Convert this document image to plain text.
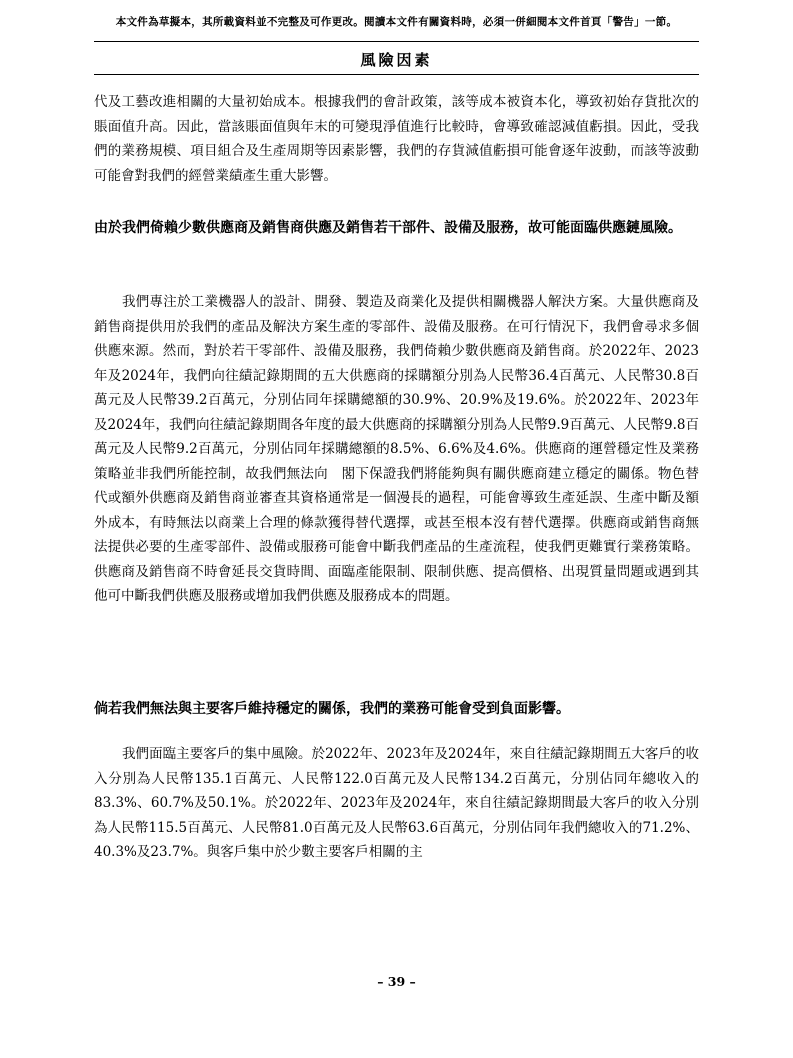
本文件為草擬本，其所載資料並不完整及可作更改。閱讀本文件有關資料時，必須一併細閱本文件首頁「警告」一節。
風險因素

代及工藝改進相關的大量初始成本。根據我們的會計政策，該等成本被資本化，導致初始存貨批次的賬面值升高。因此，當該賬面值與年末的可變現淨值進行比較時，會導致確認減值虧損。因此，受我們的業務規模、項目組合及生產周期等因素影響，我們的存貨減值虧損可能會逐年波動，而該等波動可能會對我們的經營業績產生重大影響。

由於我們倚賴少數供應商及銷售商供應及銷售若干部件、設備及服務，故可能面臨供應鏈風險。

我們專注於工業機器人的設計、開發、製造及商業化及提供相關機器人解決方案。大量供應商及銷售商提供用於我們的產品及解決方案生產的零部件、設備及服務。在可行情況下，我們會尋求多個供應來源。然而，對於若干零部件、設備及服務，我們倚賴少數供應商及銷售商。於2022年、2023年及2024年，我們向往績記錄期間的五大供應商的採購額分別為人民幣36.4百萬元、人民幣30.8百萬元及人民幣39.2百萬元，分別佔同年採購總額的30.9%、20.9%及19.6%。於2022年、2023年及2024年，我們向往績記錄期間各年度的最大供應商的採購額分別為人民幣9.9百萬元、人民幣9.8百萬元及人民幣9.2百萬元，分別佔同年採購總額的8.5%、6.6%及4.6%。供應商的運營穩定性及業務策略並非我們所能控制，故我們無法向　閣下保證我們將能夠與有關供應商建立穩定的關係。物色替代或額外供應商及銷售商並審查其資格通常是一個漫長的過程，可能會導致生產延誤、生產中斷及額外成本，有時無法以商業上合理的條款獲得替代選擇，或甚至根本沒有替代選擇。供應商或銷售商無法提供必要的生產零部件、設備或服務可能會中斷我們產品的生產流程，使我們更難實行業務策略。供應商及銷售商不時會延長交貨時間、面臨產能限制、限制供應、提高價格、出現質量問題或遇到其他可中斷我們供應及服務或增加我們供應及服務成本的問題。

倘若我們無法與主要客戶維持穩定的關係，我們的業務可能會受到負面影響。

我們面臨主要客戶的集中風險。於2022年、2023年及2024年，來自往績記錄期間五大客戶的收入分別為人民幣135.1百萬元、人民幣122.0百萬元及人民幣134.2百萬元，分別佔同年總收入的 83.3%、60.7%及50.1%。於2022年、2023年及2024年，來自往績記錄期間最大客戶的收入分別為人民幣115.5百萬元、人民幣81.0百萬元及人民幣63.6百萬元，分別佔同年我們總收入的71.2%、40.3%及23.7%。與客戶集中於少數主要客戶相關的主

– 39 –
